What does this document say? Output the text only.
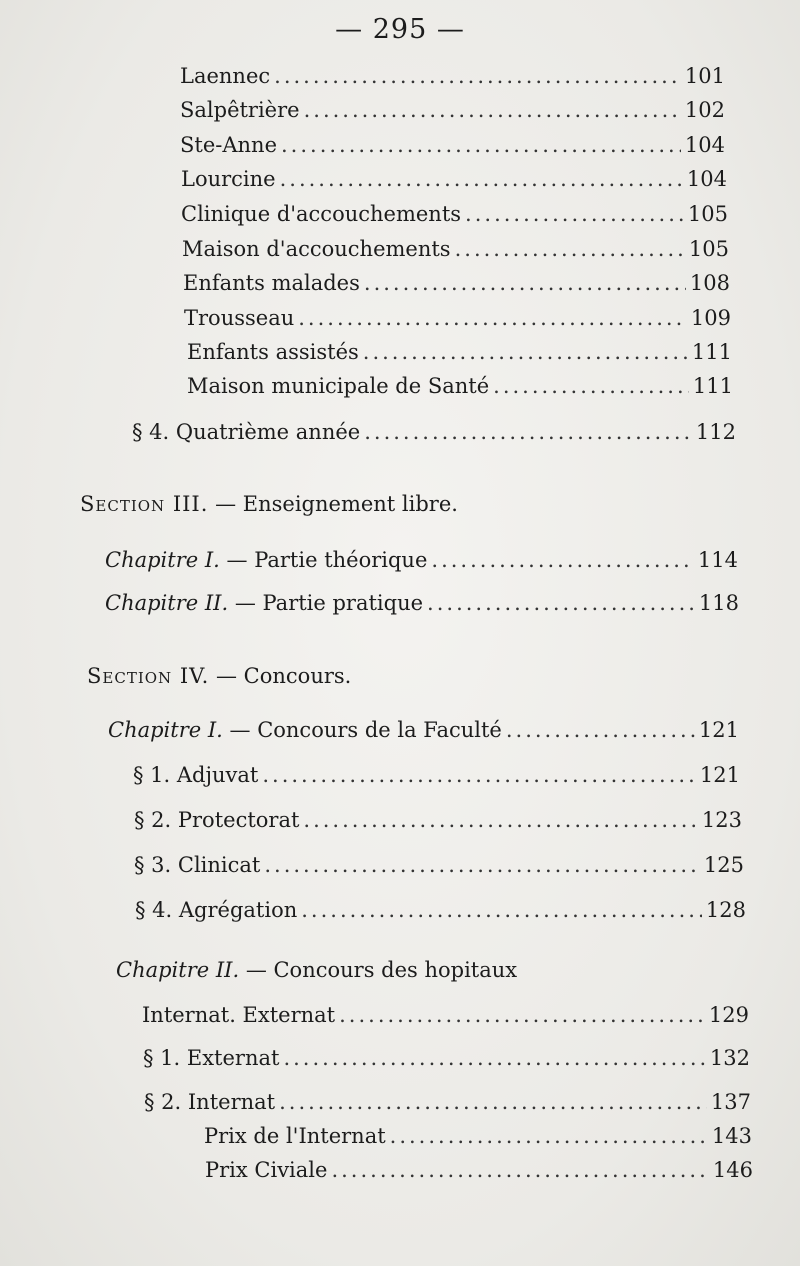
— 295 —
Laennec .....	101
Salpêtrière .....	102
Ste-Anne .....	104
Lourcine .....	104
Clinique d'accouchements .....	105
Maison d'accouchements .....	105
Enfants malades .....	108
Trousseau .....	109
Enfants assistés .....	111
Maison municipale de Santé .....	111
§ 4. Quatrième année .....	112
Section III. — Enseignement libre.
Chapitre I. — Partie théorique .....	114
Chapitre II. — Partie pratique .....	118
Section IV. — Concours.
Chapitre I. — Concours de la Faculté .....	121
§ 1. Adjuvat .....	121
§ 2. Protectorat .....	123
§ 3. Clinicat .....	125
§ 4. Agrégation .....	128
Chapitre II. — Concours des hopitaux
Internat. Externat .....	129
§ 1. Externat .....	132
§ 2. Internat .....	137
Prix de l'Internat .....	143
Prix Civiale .....	146
